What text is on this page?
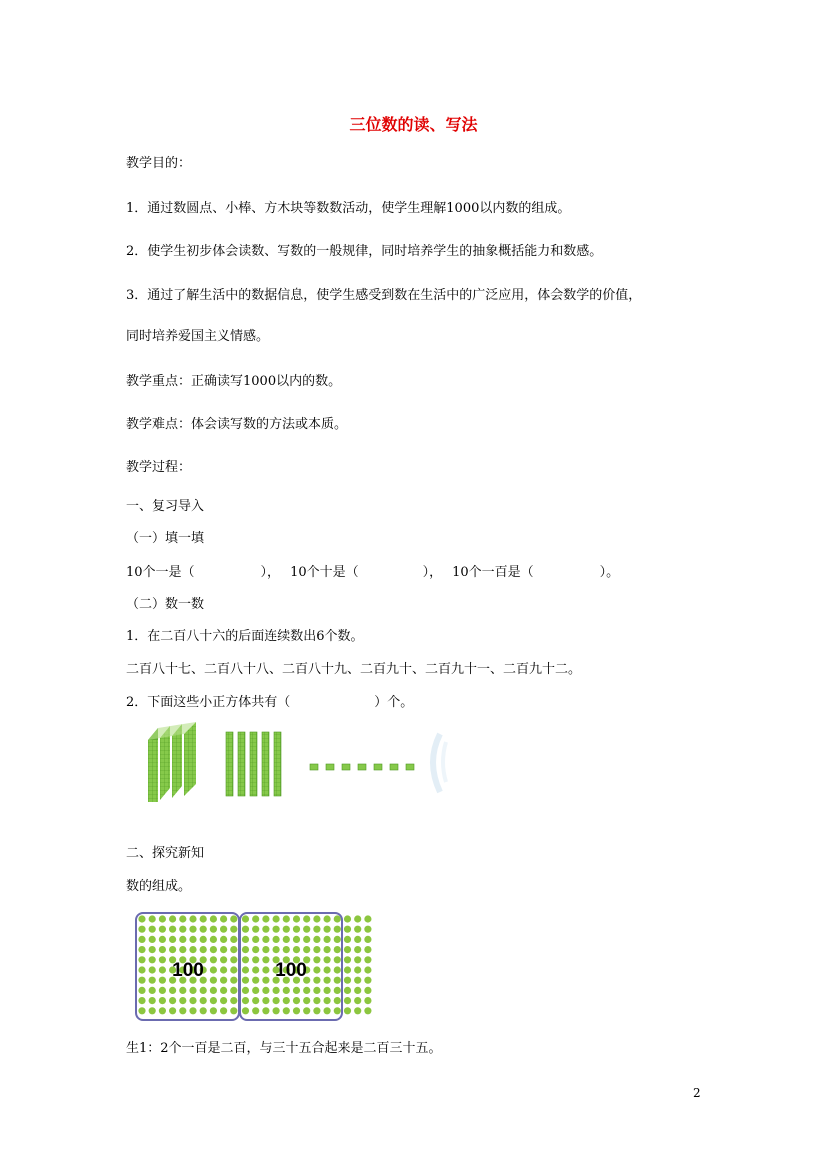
三位数的读、写法
教学目的：
1．通过数圆点、小棒、方木块等数数活动，使学生理解1000以内数的组成。
2．使学生初步体会读数、写数的一般规律，同时培养学生的抽象概括能力和数感。
3．通过了解生活中的数据信息，使学生感受到数在生活中的广泛应用，体会数学的价值，
同时培养爱国主义情感。
教学重点：正确读写1000以内的数。
教学难点：体会读写数的方法或本质。
教学过程：
一、复习导入
（一）填一填
10个一是（	）， 10个十是（	）， 10个一百是（	）。
（二）数一数
1．在二百八十六的后面连续数出6个数。
二百八十七、二百八十八、二百八十九、二百九十、二百九十一、二百九十二。
2．下面这些小正方体共有（	）个。
二、探究新知
数的组成。
100	100
生1：2个一百是二百，与三十五合起来是二百三十五。
2
